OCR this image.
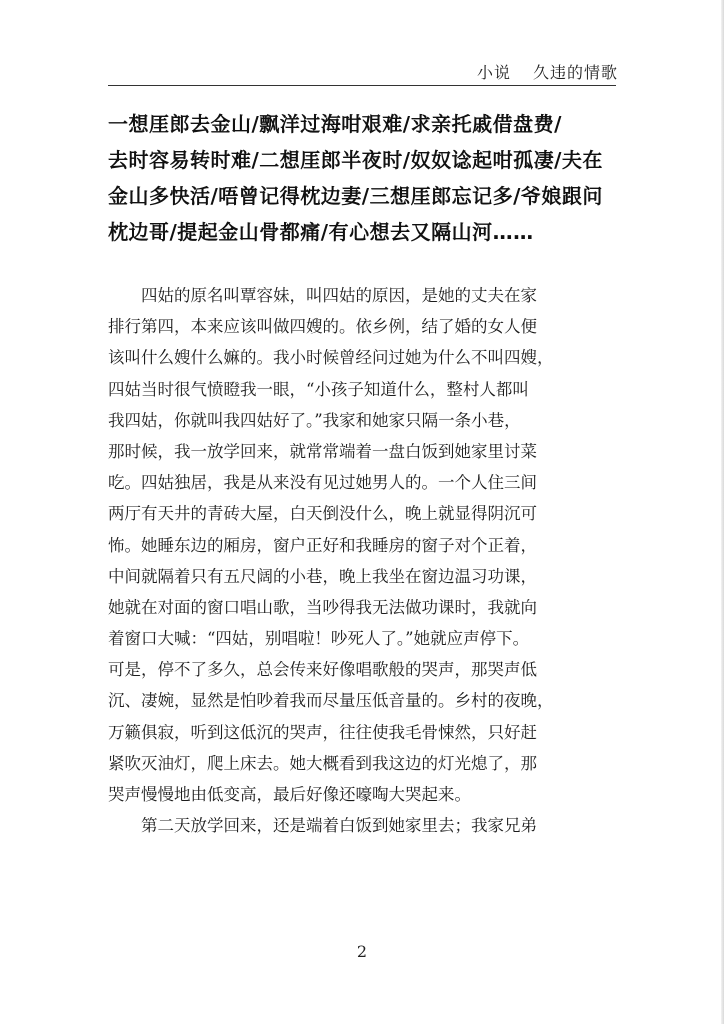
小说 久违的情歌
一想厓郎去金山/飘洋过海咁艰难/求亲托戚借盘费/
去时容易转时难/二想厓郎半夜时/奴奴谂起咁孤凄/夫在
金山多快活/唔曾记得枕边妻/三想厓郎忘记多/爷娘跟问
枕边哥/提起金山骨都痛/有心想去又隔山河……
　　四姑的原名叫覃容妹，叫四姑的原因，是她的丈夫在家
排行第四，本来应该叫做四嫂的。依乡例，结了婚的女人便
该叫什么嫂什么嫲的。我小时候曾经问过她为什么不叫四嫂，
四姑当时很气愤瞪我一眼，“小孩子知道什么，整村人都叫
我四姑，你就叫我四姑好了。”我家和她家只隔一条小巷，
那时候，我一放学回来，就常常端着一盘白饭到她家里讨菜
吃。四姑独居，我是从来没有见过她男人的。一个人住三间
两厅有天井的青砖大屋，白天倒没什么，晚上就显得阴沉可
怖。她睡东边的厢房，窗户正好和我睡房的窗子对个正着，
中间就隔着只有五尺阔的小巷，晚上我坐在窗边温习功课，
她就在对面的窗口唱山歌，当吵得我无法做功课时，我就向
着窗口大喊：“四姑，别唱啦！吵死人了。”她就应声停下。
可是，停不了多久，总会传来好像唱歌般的哭声，那哭声低
沉、凄婉，显然是怕吵着我而尽量压低音量的。乡村的夜晚，
万籁俱寂，听到这低沉的哭声，往往使我毛骨悚然，只好赶
紧吹灭油灯，爬上床去。她大概看到我这边的灯光熄了，那
哭声慢慢地由低变高，最后好像还嚎啕大哭起来。
　　第二天放学回来，还是端着白饭到她家里去；我家兄弟
2
